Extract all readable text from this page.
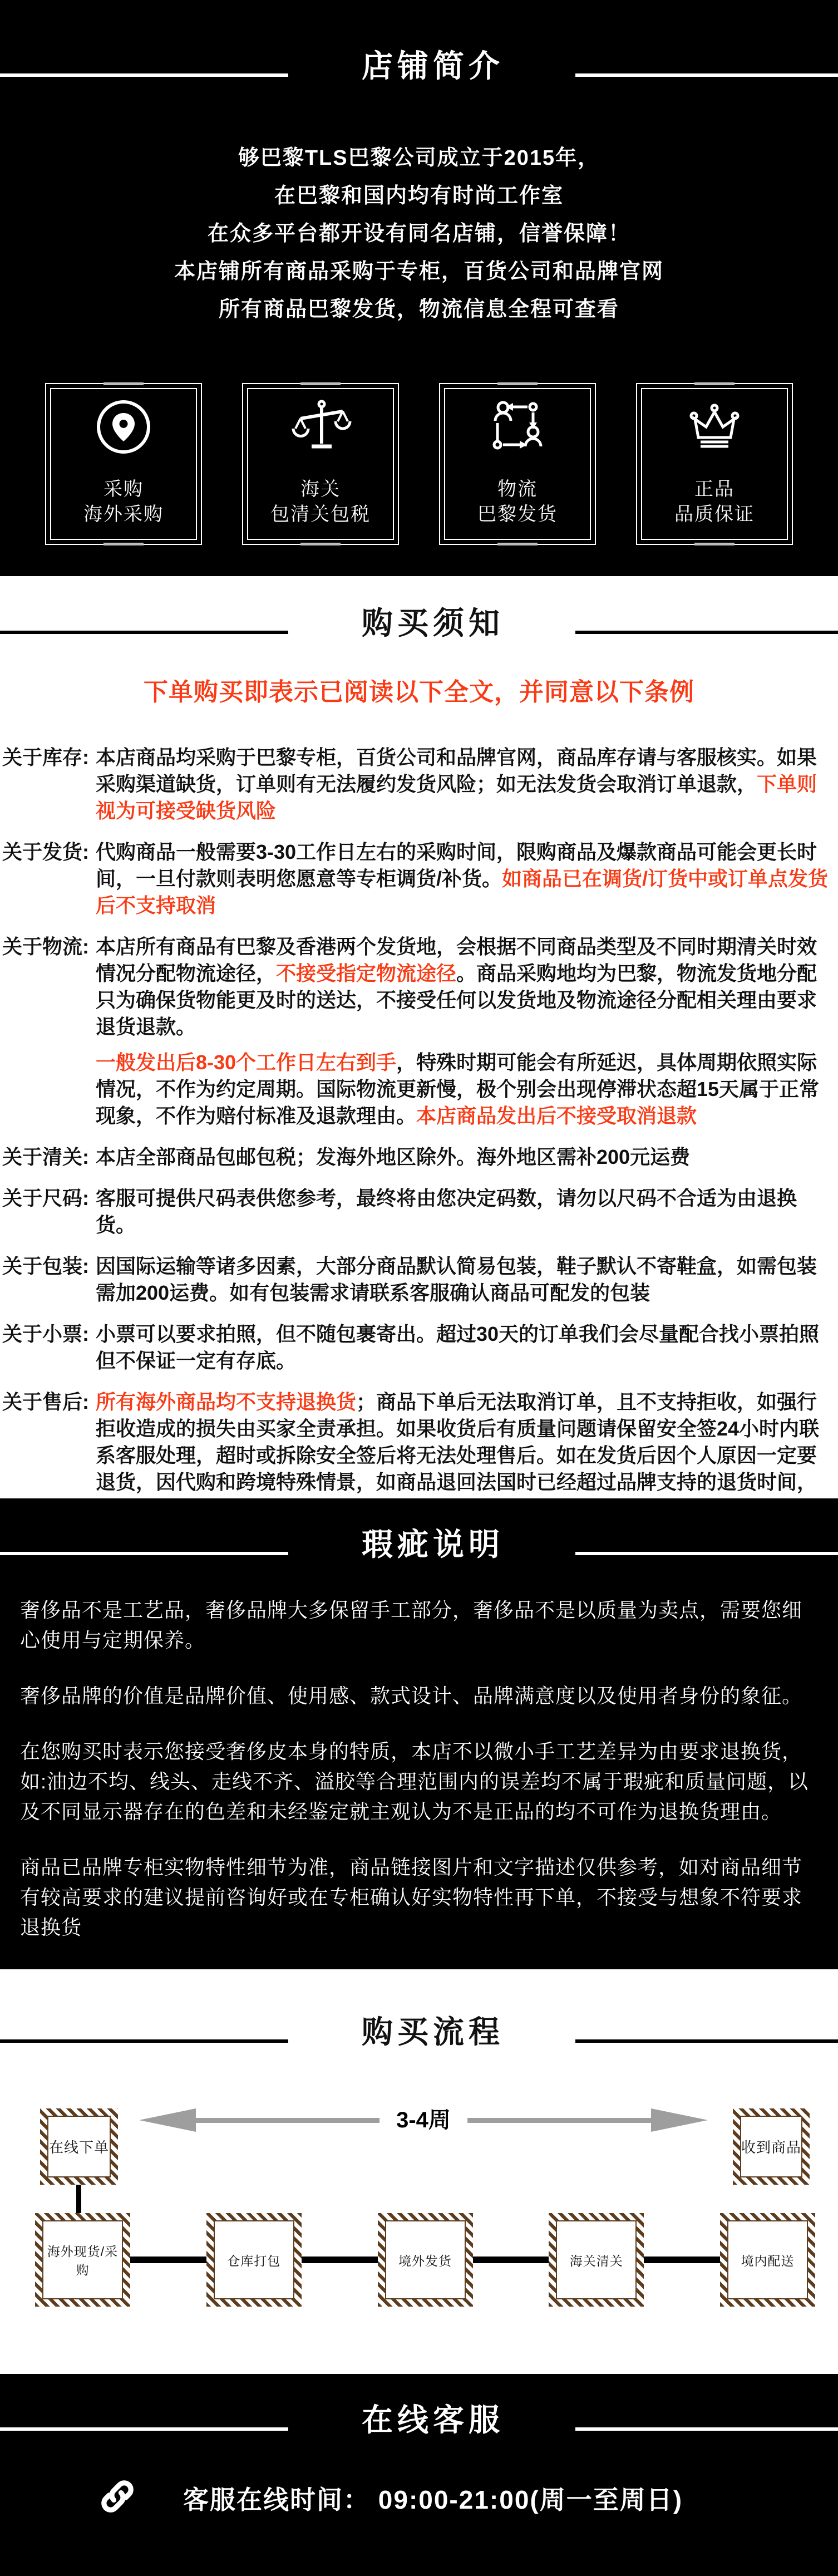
店铺简介
够巴黎TLS巴黎公司成立于2015年，
在巴黎和国内均有时尚工作室
在众多平台都开设有同名店铺，信誉保障！
本店铺所有商品采购于专柜，百货公司和品牌官网
所有商品巴黎发货，物流信息全程可查看
采购
海外采购
海关
包清关包税
物流
巴黎发货
正品
品质保证
购买须知
下单购买即表示已阅读以下全文，并同意以下条例
关于库存: 本店商品均采购于巴黎专柜，百货公司和品牌官网，商品库存请与客服核实。如果采购渠道缺货，订单则有无法履约发货风险；如无法发货会取消订单退款，下单则视为可接受缺货风险

关于发货: 代购商品一般需要3-30工作日左右的采购时间，限购商品及爆款商品可能会更长时间，一旦付款则表明您愿意等专柜调货/补货。如商品已在调货/订货中或订单点发货后不支持取消

关于物流: 本店所有商品有巴黎及香港两个发货地，会根据不同商品类型及不同时期清关时效情况分配物流途径，不接受指定物流途径。商品采购地均为巴黎，物流发货地分配只为确保货物能更及时的送达，不接受任何以发货地及物流途径分配相关理由要求退货退款。

一般发出后8-30个工作日左右到手，特殊时期可能会有所延迟，具体周期依照实际情况，不作为约定周期。国际物流更新慢，极个别会出现停滞状态超15天属于正常现象，不作为赔付标准及退款理由。本店商品发出后不接受取消退款

关于清关: 本店全部商品包邮包税；发海外地区除外。海外地区需补200元运费

关于尺码: 客服可提供尺码表供您参考，最终将由您决定码数，请勿以尺码不合适为由退换货。

关于包装: 因国际运输等诸多因素，大部分商品默认简易包装，鞋子默认不寄鞋盒，如需包装需加200运费。如有包装需求请联系客服确认商品可配发的包装

关于小票: 小票可以要求拍照，但不随包裹寄出。超过30天的订单我们会尽量配合找小票拍照但不保证一定有存底。

关于售后: 所有海外商品均不支持退换货；商品下单后无法取消订单，且不支持拒收，如强行拒收造成的损失由买家全责承担。如果收货后有质量问题请保留安全签24小时内联系客服处理，超时或拆除安全签后将无法处理售后。如在发货后因个人原因一定要退货，因代购和跨境特殊情景，如商品退回法国时已经超过品牌支持的退货时间，

瑕疵说明

奢侈品不是工艺品，奢侈品牌大多保留手工部分，奢侈品不是以质量为卖点，需要您细心使用与定期保养。

奢侈品牌的价值是品牌价值、使用感、款式设计、品牌满意度以及使用者身份的象征。

在您购买时表示您接受奢侈皮本身的特质，本店不以微小手工艺差异为由要求退换货，如:油边不均、线头、走线不齐、溢胶等合理范围内的误差均不属于瑕疵和质量问题，以及不同显示器存在的色差和未经鉴定就主观认为不是正品的均不可作为退换货理由。

商品已品牌专柜实物特性细节为准，商品链接图片和文字描述仅供参考，如对商品细节有较高要求的建议提前咨询好或在专柜确认好实物特性再下单，不接受与想象不符要求退换货

购买流程
在线下单
3-4周
收到商品
海外现货/采购
仓库打包	境外发货	海关清关	境内配送
在线客服
客服在线时间： 09:00-21:00(周一至周日)
